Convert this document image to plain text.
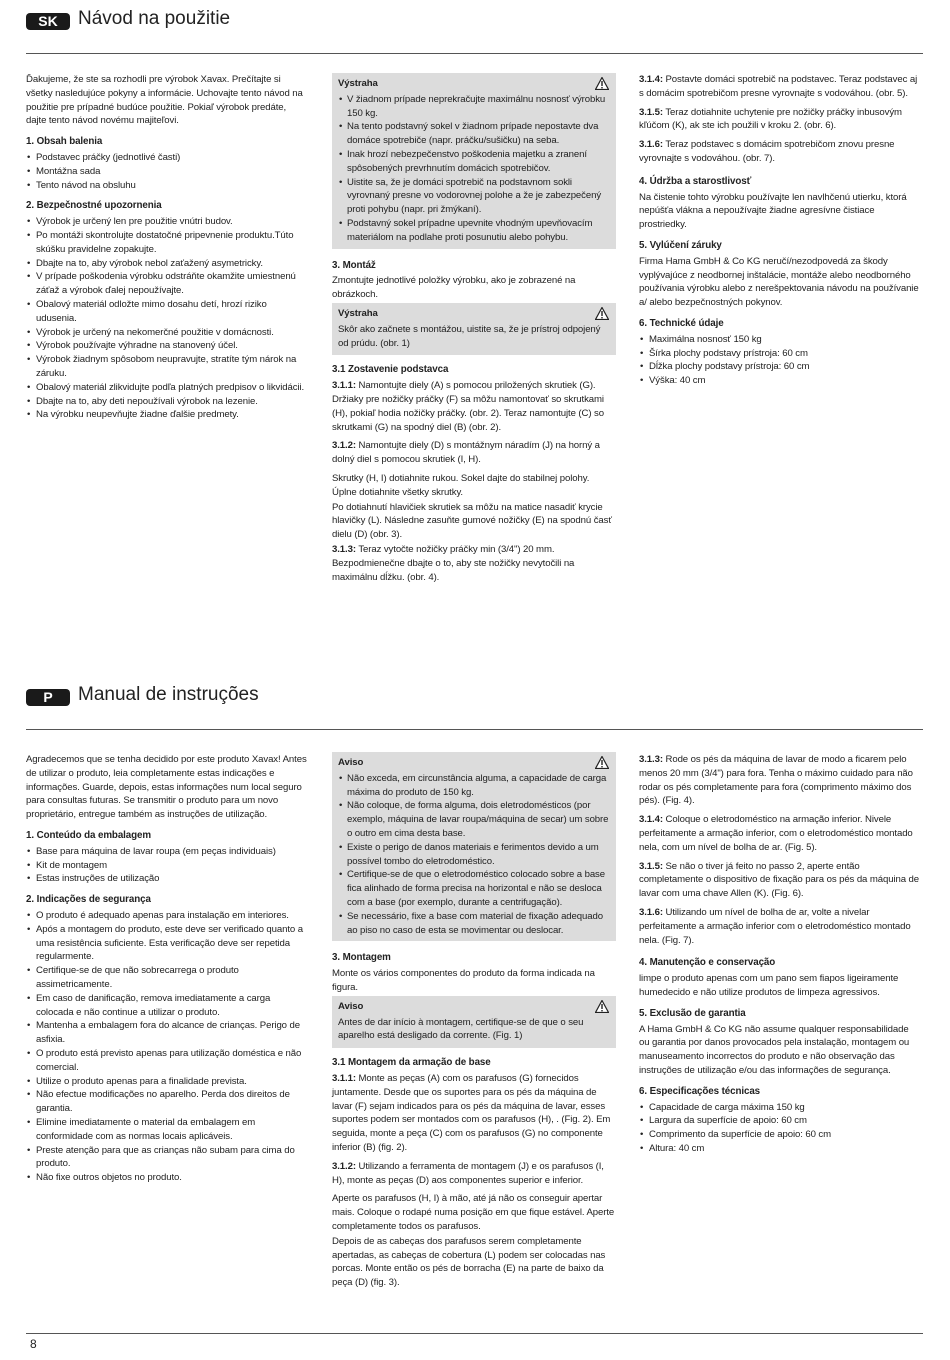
SK	Návod na použitie

Ďakujeme, že ste sa rozhodli pre výrobok Xavax. Prečítajte si všetky nasledujúce pokyny a informácie. Uchovajte tento návod na použitie pre prípadné budúce použitie. Pokiaľ výrobok predáte, dajte tento návod novému majiteľovi.

1. Obsah balenia
• Podstavec práčky (jednotlivé časti)
• Montážna sada
• Tento návod na obsluhu
2. Bezpečnostné upozornenia
• Výrobok je určený len pre použitie vnútri budov.
• Po montáži skontrolujte dostatočné pripevnenie produktu.Túto skúšku pravidelne zopakujte.
• Dbajte na to, aby výrobok nebol zaťažený asymetricky.
• V prípade poškodenia výrobku odstráňte okamžite umiestnenú záťaž a výrobok ďalej nepoužívajte.
• Obalový materiál odložte mimo dosahu detí, hrozí riziko udusenia.
• Výrobok je určený na nekomerčné použitie v domácnosti.
• Výrobok používajte výhradne na stanovený účel.
• Výrobok žiadnym spôsobom neupravujte, stratíte tým nárok na záruku.
• Obalový materiál zlikvidujte podľa platných predpisov o likvidácii.
• Dbajte na to, aby deti nepoužívali výrobok na lezenie.
• Na výrobku neupevňujte žiadne ďalšie predmety.
Výstraha
• V žiadnom prípade neprekračujte maximálnu nosnosť výrobku 150 kg.
• Na tento podstavný sokel v žiadnom prípade nepostavte dva domáce spotrebiče (napr. práčku/sušičku) na seba.
• Inak hrozí nebezpečenstvo poškodenia majetku a zranení spôsobených prevrhnutím domácich spotrebičov.
• Uistite sa, že je domáci spotrebič na podstavnom sokli vyrovnaný presne vo vodorovnej polohe a že je zabezpečený proti pohybu (napr. pri žmýkaní).
• Podstavný sokel prípadne upevnite vhodným upevňovacím materiálom na podlahe proti posunutiu alebo pohybu.
3. Montáž

Zmontujte jednotlivé položky výrobku, ako je zobrazené na obrázkoch.

Výstraha

Skôr ako začnete s montážou, uistite sa, že je prístroj odpojený od prúdu. (obr. 1)

3.1 Zostavenie podstavca

3.1.1: Namontujte diely (A) s pomocou priložených skrutiek (G). Držiaky pre nožičky práčky (F) sa môžu namontovať so skrutkami (H), pokiaľ hodia nožičky práčky. (obr. 2). Teraz namontujte (C) so skrutkami (G) na spodný diel (B) (obr. 2).

3.1.2: Namontujte diely (D) s montážnym náradím (J) na horný a dolný diel s pomocou skrutiek (I, H).

Skrutky (H, I) dotiahnite rukou. Sokel dajte do stabilnej polohy. Úplne dotiahnite všetky skrutky.

Po dotiahnutí hlavičiek skrutiek sa môžu na matice nasadiť krycie hlavičky (L). Následne zasuňte gumové nožičky (E) na spodnú časť dielu (D) (obr. 3).

3.1.3: Teraz vytočte nožičky práčky min (3/4") 20 mm. Bezpodmienečne dbajte o to, aby ste nožičky nevytočili na maximálnu dĺžku. (obr. 4).

3.1.4: Postavte domáci spotrebič na podstavec. Teraz podstavec aj s domácim spotrebičom presne vyrovnajte s vodováhou. (obr. 5).

3.1.5: Teraz dotiahnite uchytenie pre nožičky práčky inbusovým kľúčom (K), ak ste ich použili v kroku 2. (obr. 6).

3.1.6: Teraz podstavec s domácim spotrebičom znovu presne vyrovnajte s vodováhou. (obr. 7).

4. Údržba a starostlivosť

Na čistenie tohto výrobku používajte len navlhčenú utierku, ktorá nepúšťa vlákna a nepoužívajte žiadne agresívne čistiace prostriedky.

5. Vylúčení záruky

Firma Hama GmbH & Co KG neručí/nezodpovedá za škody vyplývajúce z neodbornej inštalácie, montáže alebo neodborného používania výrobku alebo z nerešpektovania návodu na používanie a/ alebo bezpečnostných pokynov.

6. Technické údaje
• Maximálna nosnosť 150 kg
• Šírka plochy podstavy prístroja: 60 cm
• Dĺžka plochy podstavy prístroja: 60 cm
• Výška: 40 cm
P	Manual de instruções

Agradecemos que se tenha decidido por este produto Xavax! Antes de utilizar o produto, leia completamente estas indicações e informações. Guarde, depois, estas informações num local seguro para consultas futuras. Se transmitir o produto para um novo proprietário, entregue também as instruções de utilização.

1. Conteúdo da embalagem
• Base para máquina de lavar roupa (em peças individuais)
• Kit de montagem
• Estas instruções de utilização
2. Indicações de segurança
• O produto é adequado apenas para instalação em interiores.
• Após a montagem do produto, este deve ser verificado quanto a uma resistência suficiente. Esta verificação deve ser repetida regularmente.
• Certifique-se de que não sobrecarrega o produto assimetricamente.
• Em caso de danificação, remova imediatamente a carga colocada e não continue a utilizar o produto.
• Mantenha a embalagem fora do alcance de crianças. Perigo de asfixia.
• O produto está previsto apenas para utilização doméstica e não comercial.
• Utilize o produto apenas para a finalidade prevista.
• Não efectue modificações no aparelho. Perda dos direitos de garantia.
• Elimine imediatamente o material da embalagem em conformidade com as normas locais aplicáveis.
• Preste atenção para que as crianças não subam para cima do produto.
• Não fixe outros objetos no produto.
Aviso
• Não exceda, em circunstância alguma, a capacidade de carga máxima do produto de 150 kg.
• Não coloque, de forma alguma, dois eletrodomésticos (por exemplo, máquina de lavar roupa/máquina de secar) um sobre o outro em cima desta base.
• Existe o perigo de danos materiais e ferimentos devido a um possível tombo do eletrodoméstico.
• Certifique-se de que o eletrodoméstico colocado sobre a base fica alinhado de forma precisa na horizontal e não se desloca com a base (por exemplo, durante a centrifugação).
• Se necessário, fixe a base com material de fixação adequado ao piso no caso de esta se movimentar ou deslocar.
3. Montagem

Monte os vários componentes do produto da forma indicada na figura.

Aviso

Antes de dar início à montagem, certifique-se de que o seu aparelho está desligado da corrente. (Fig. 1)

3.1 Montagem da armação de base

3.1.1: Monte as peças (A) com os parafusos (G) fornecidos juntamente. Desde que os suportes para os pés da máquina de lavar (F) sejam indicados para os pés da máquina de lavar, esses suportes podem ser montados com os parafusos (H), . (Fig. 2). Em seguida, monte a peça (C) com os parafusos (G) no componente inferior (B) (fig. 2).

3.1.2: Utilizando a ferramenta de montagem (J) e os parafusos (I, H), monte as peças (D) aos componentes superior e inferior.

Aperte os parafusos (H, I) à mão, até já não os conseguir apertar mais. Coloque o rodapé numa posição em que fique estável. Aperte completamente todos os parafusos.

Depois de as cabeças dos parafusos serem completamente apertadas, as cabeças de cobertura (L) podem ser colocadas nas porcas. Monte então os pés de borracha (E) na parte de baixo da peça (D) (fig. 3).

3.1.3: Rode os pés da máquina de lavar de modo a ficarem pelo menos 20 mm (3/4") para fora. Tenha o máximo cuidado para não rodar os pés completamente para fora (comprimento máximo dos pés). (Fig. 4).

3.1.4: Coloque o eletrodoméstico na armação inferior. Nivele perfeitamente a armação inferior, com o eletrodoméstico montado nela, com um nível de bolha de ar. (Fig. 5).

3.1.5: Se não o tiver já feito no passo 2, aperte então completamente o dispositivo de fixação para os pés da máquina de lavar com uma chave Allen (K). (Fig. 6).

3.1.6: Utilizando um nível de bolha de ar, volte a nivelar perfeitamente a armação inferior com o eletrodoméstico montado nela. (Fig. 7).

4. Manutenção e conservação

limpe o produto apenas com um pano sem fiapos ligeiramente humedecido e não utilize produtos de limpeza agressivos.

5. Exclusão de garantia

A Hama GmbH & Co KG não assume qualquer responsabilidade ou garantia por danos provocados pela instalação, montagem ou manuseamento incorrectos do produto e não observação das instruções de utilização e/ou das informações de segurança.

6. Especificações técnicas
• Capacidade de carga máxima 150 kg
• Largura da superfície de apoio: 60 cm
• Comprimento da superfície de apoio: 60 cm
• Altura: 40 cm
8
